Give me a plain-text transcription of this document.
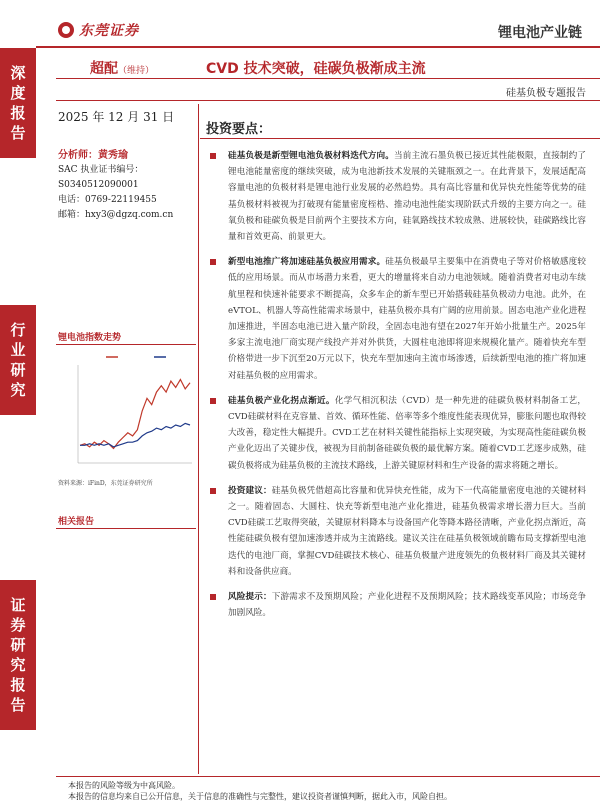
深度报告
行业研究
证券研究报告
东莞证券	锂电池产业链
超配（维持）	CVD 技术突破，硅碳负极渐成主流
硅基负极专题报告
2025 年 12 月 31 日
分析师：黄秀瑜
SAC 执业证书编号：
S0340512090001
电话：0769-22119455
邮箱：hxy3@dgzq.com.cn
锂电池指数走势
资料来源：iFinD，东莞证券研究所
相关报告
投资要点：
硅基负极是新型锂电池负极材料迭代方向。当前主流石墨负极已接近其性能极限，直接制约了锂电池能量密度的继续突破，成为电池新技术发展的关键瓶颈之一。在此背景下，发展适配高容量电池的负极材料是锂电池行业发展的必然趋势。具有高比容量和优异快充性能等优势的硅基负极材料被视为打破现有能量密度桎梏、推动电池性能实现阶跃式升级的主要方向之一。硅氧负极和硅碳负极是目前两个主要技术方向，硅氧路线技术较成熟、进展较快，硅碳路线比容量和首效更高、前景更大。
新型电池推广将加速硅基负极应用需求。硅基负极最早主要集中在消费电子等对价格敏感度较低的应用场景。而从市场潜力来看，更大的增量将来自动力电池领域。随着消费者对电动车续航里程和快速补能要求不断提高，众多车企的新车型已开始搭载硅基负极动力电池。此外，在eVTOL、机器人等高性能需求场景中，硅基负极亦具有广阔的应用前景。固态电池产业化进程加速推进，半固态电池已进入量产阶段，全固态电池有望在2027年开始小批量生产。2025年多家主流电池厂商实现产线投产并对外供货，大圆柱电池即将迎来规模化量产。随着快充车型价格带进一步下沉至20万元以下，快充车型加速向主流市场渗透，后续新型电池的推广将加速对硅基负极的应用需求。
硅基负极产业化拐点渐近。化学气相沉积法（CVD）是一种先进的硅碳负极材料制备工艺，CVD硅碳材料在克容量、首效、循环性能、倍率等多个维度性能表现优异，膨胀问题也取得较大改善，稳定性大幅提升。CVD工艺在材料关键性能指标上实现突破，为实现高性能硅碳负极产业化迈出了关键步伐，被视为目前制备硅碳负极的最优解方案。随着CVD工艺逐步成熟，硅碳负极将成为硅基负极的主流技术路线，上游关键原材料和生产设备的需求将随之增长。
投资建议：硅基负极凭借超高比容量和优异快充性能，成为下一代高能量密度电池的关键材料之一。随着固态、大圆柱、快充等新型电池产业化推进，硅基负极需求增长潜力巨大。当前CVD硅碳工艺取得突破，关键原材料降本与设备国产化等降本路径清晰，产业化拐点渐近，高性能硅碳负极有望加速渗透并成为主流路线。建议关注在硅基负极领域前瞻布局支撑新型电池迭代的电池厂商，掌握CVD硅碳技术核心、硅基负极量产进度领先的负极材料厂商及其关键材料和设备供应商。
风险提示：下游需求不及预期风险；产业化进程不及预期风险；技术路线变革风险；市场竞争加剧风险。
本报告的风险等级为中高风险。
本报告的信息均来自已公开信息，关于信息的准确性与完整性，建议投资者谨慎判断，据此入市，风险自担。
